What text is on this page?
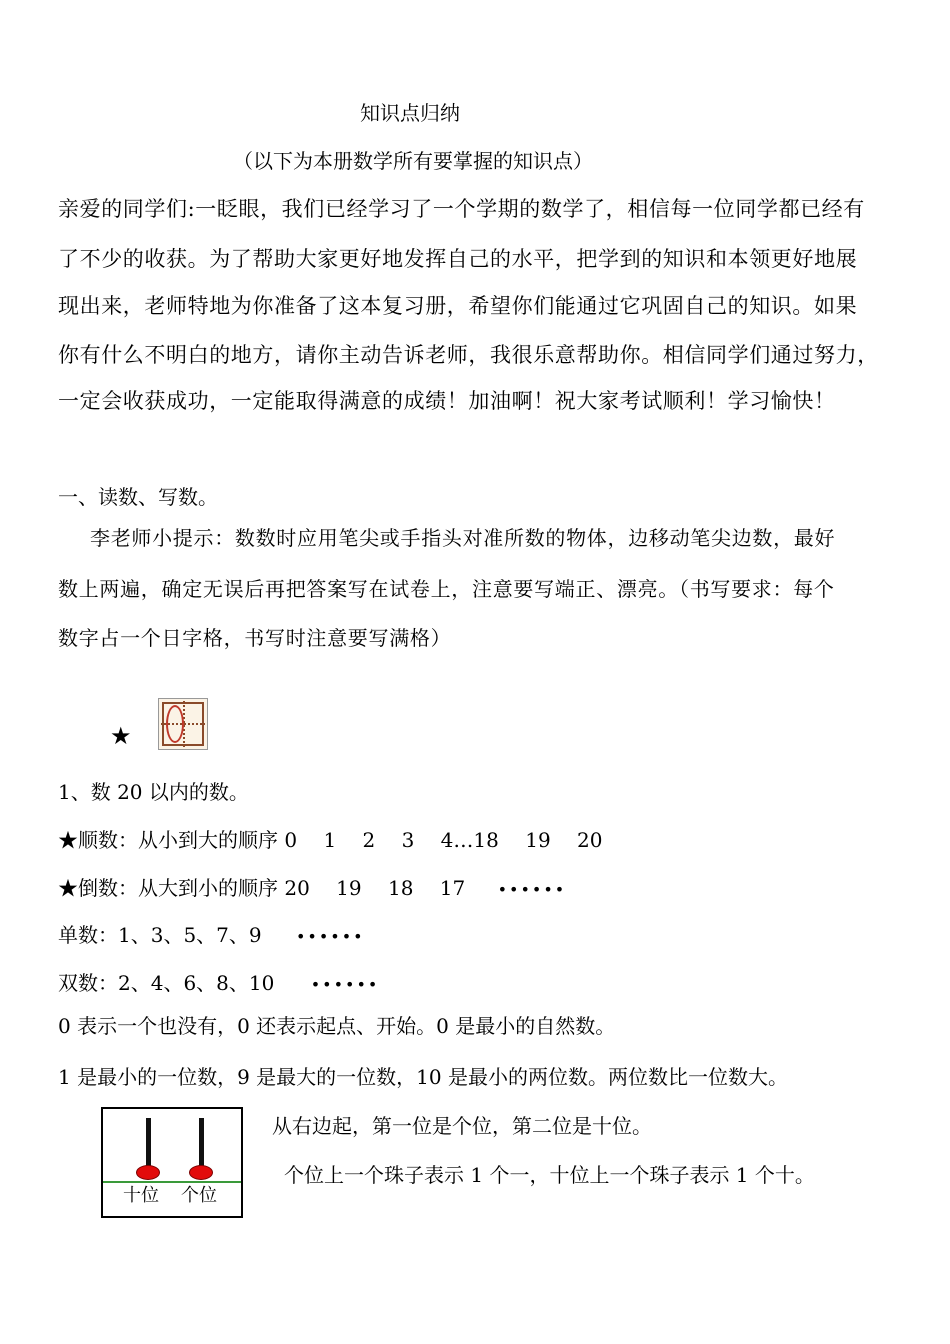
知识点归纳
（以下为本册数学所有要掌握的知识点）
亲爱的同学们:一眨眼，我们已经学习了一个学期的数学了，相信每一位同学都已经有
了不少的收获。为了帮助大家更好地发挥自己的水平，把学到的知识和本领更好地展
现出来，老师特地为你准备了这本复习册，希望你们能通过它巩固自己的知识。如果
你有什么不明白的地方，请你主动告诉老师，我很乐意帮助你。相信同学们通过努力，
一定会收获成功，一定能取得满意的成绩！加油啊！祝大家考试顺利！学习愉快！
一、读数、写数。
李老师小提示：数数时应用笔尖或手指头对准所数的物体，边移动笔尖边数，最好
数上两遍，确定无误后再把答案写在试卷上，注意要写端正、漂亮。（书写要求：每个
数字占一个日字格，书写时注意要写满格）
★
1、数 20 以内的数。
★顺数：从小到大的顺序 0　 1　 2　 3　 4…18　 19　 20
★倒数：从大到小的顺序 20　 19　 18　 17 ••••••
单数：1、3、5、7、9 ••••••
双数：2、4、6、8、10 ••••••
0 表示一个也没有，0 还表示起点、开始。0 是最小的自然数。
1 是最小的一位数，9 是最大的一位数，10 是最小的两位数。两位数比一位数大。
十位 个位
从右边起，第一位是个位，第二位是十位。
个位上一个珠子表示 1 个一，十位上一个珠子表示 1 个十。
